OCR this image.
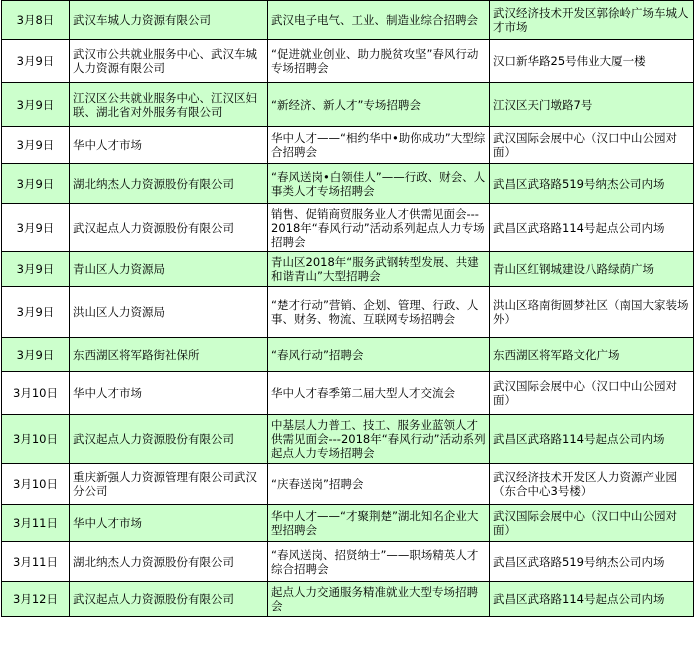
3月8日	武汉车城人力资源有限公司	武汉电子电气、工业、制造业综合招聘会	武汉经济技术开发区郭徐岭广场车城人才市场
3月9日	武汉市公共就业服务中心、武汉车城人力资源有限公司	“促进就业创业、助力脱贫攻坚”春风行动专场招聘会	汉口新华路25号伟业大厦一楼
3月9日	江汉区公共就业服务中心、江汉区妇联、湖北省对外服务有限公司	“新经济、新人才”专场招聘会	江汉区天门墩路7号
3月9日	华中人才市场	华中人才——“相约华中•助你成功”大型综合招聘会	武汉国际会展中心（汉口中山公园对面）
3月9日	湖北纳杰人力资源股份有限公司	“春风送岗•白领佳人”——行政、财会、人事类人才专场招聘会	武昌区武珞路519号纳杰公司内场
3月9日	武汉起点人力资源股份有限公司	销售、促销商贸服务业人才供需见面会---2018年“春风行动”活动系列起点人力专场招聘会	武昌区武珞路114号起点公司内场
3月9日	青山区人力资源局	青山区2018年“服务武钢转型发展、共建和谐青山”大型招聘会	青山区红钢城建设八路绿荫广场
3月9日	洪山区人力资源局	“楚才行动”营销、企划、管理、行政、人事、财务、物流、互联网专场招聘会	洪山区珞南街圆梦社区（南国大家装场外）
3月9日	东西湖区将军路街社保所	“春风行动”招聘会	东西湖区将军路文化广场
3月10日	华中人才市场	华中人才春季第二届大型人才交流会	武汉国际会展中心（汉口中山公园对面）
3月10日	武汉起点人力资源股份有限公司	中基层人力普工、技工、服务业蓝领人才供需见面会---2018年“春风行动”活动系列起点人力专场招聘会	武昌区武珞路114号起点公司内场
3月10日	重庆新强人力资源管理有限公司武汉分公司	“庆春送岗”招聘会	武汉经济技术开发区人力资源产业园（东合中心3号楼）
3月11日	华中人才市场	华中人才——“才聚荆楚”湖北知名企业大型招聘会	武汉国际会展中心（汉口中山公园对面）
3月11日	湖北纳杰人力资源股份有限公司	“春风送岗、招贤纳士”——职场精英人才综合招聘会	武昌区武珞路519号纳杰公司内场
3月12日	武汉起点人力资源股份有限公司	起点人力交通服务精准就业大型专场招聘会	武昌区武珞路114号起点公司内场
